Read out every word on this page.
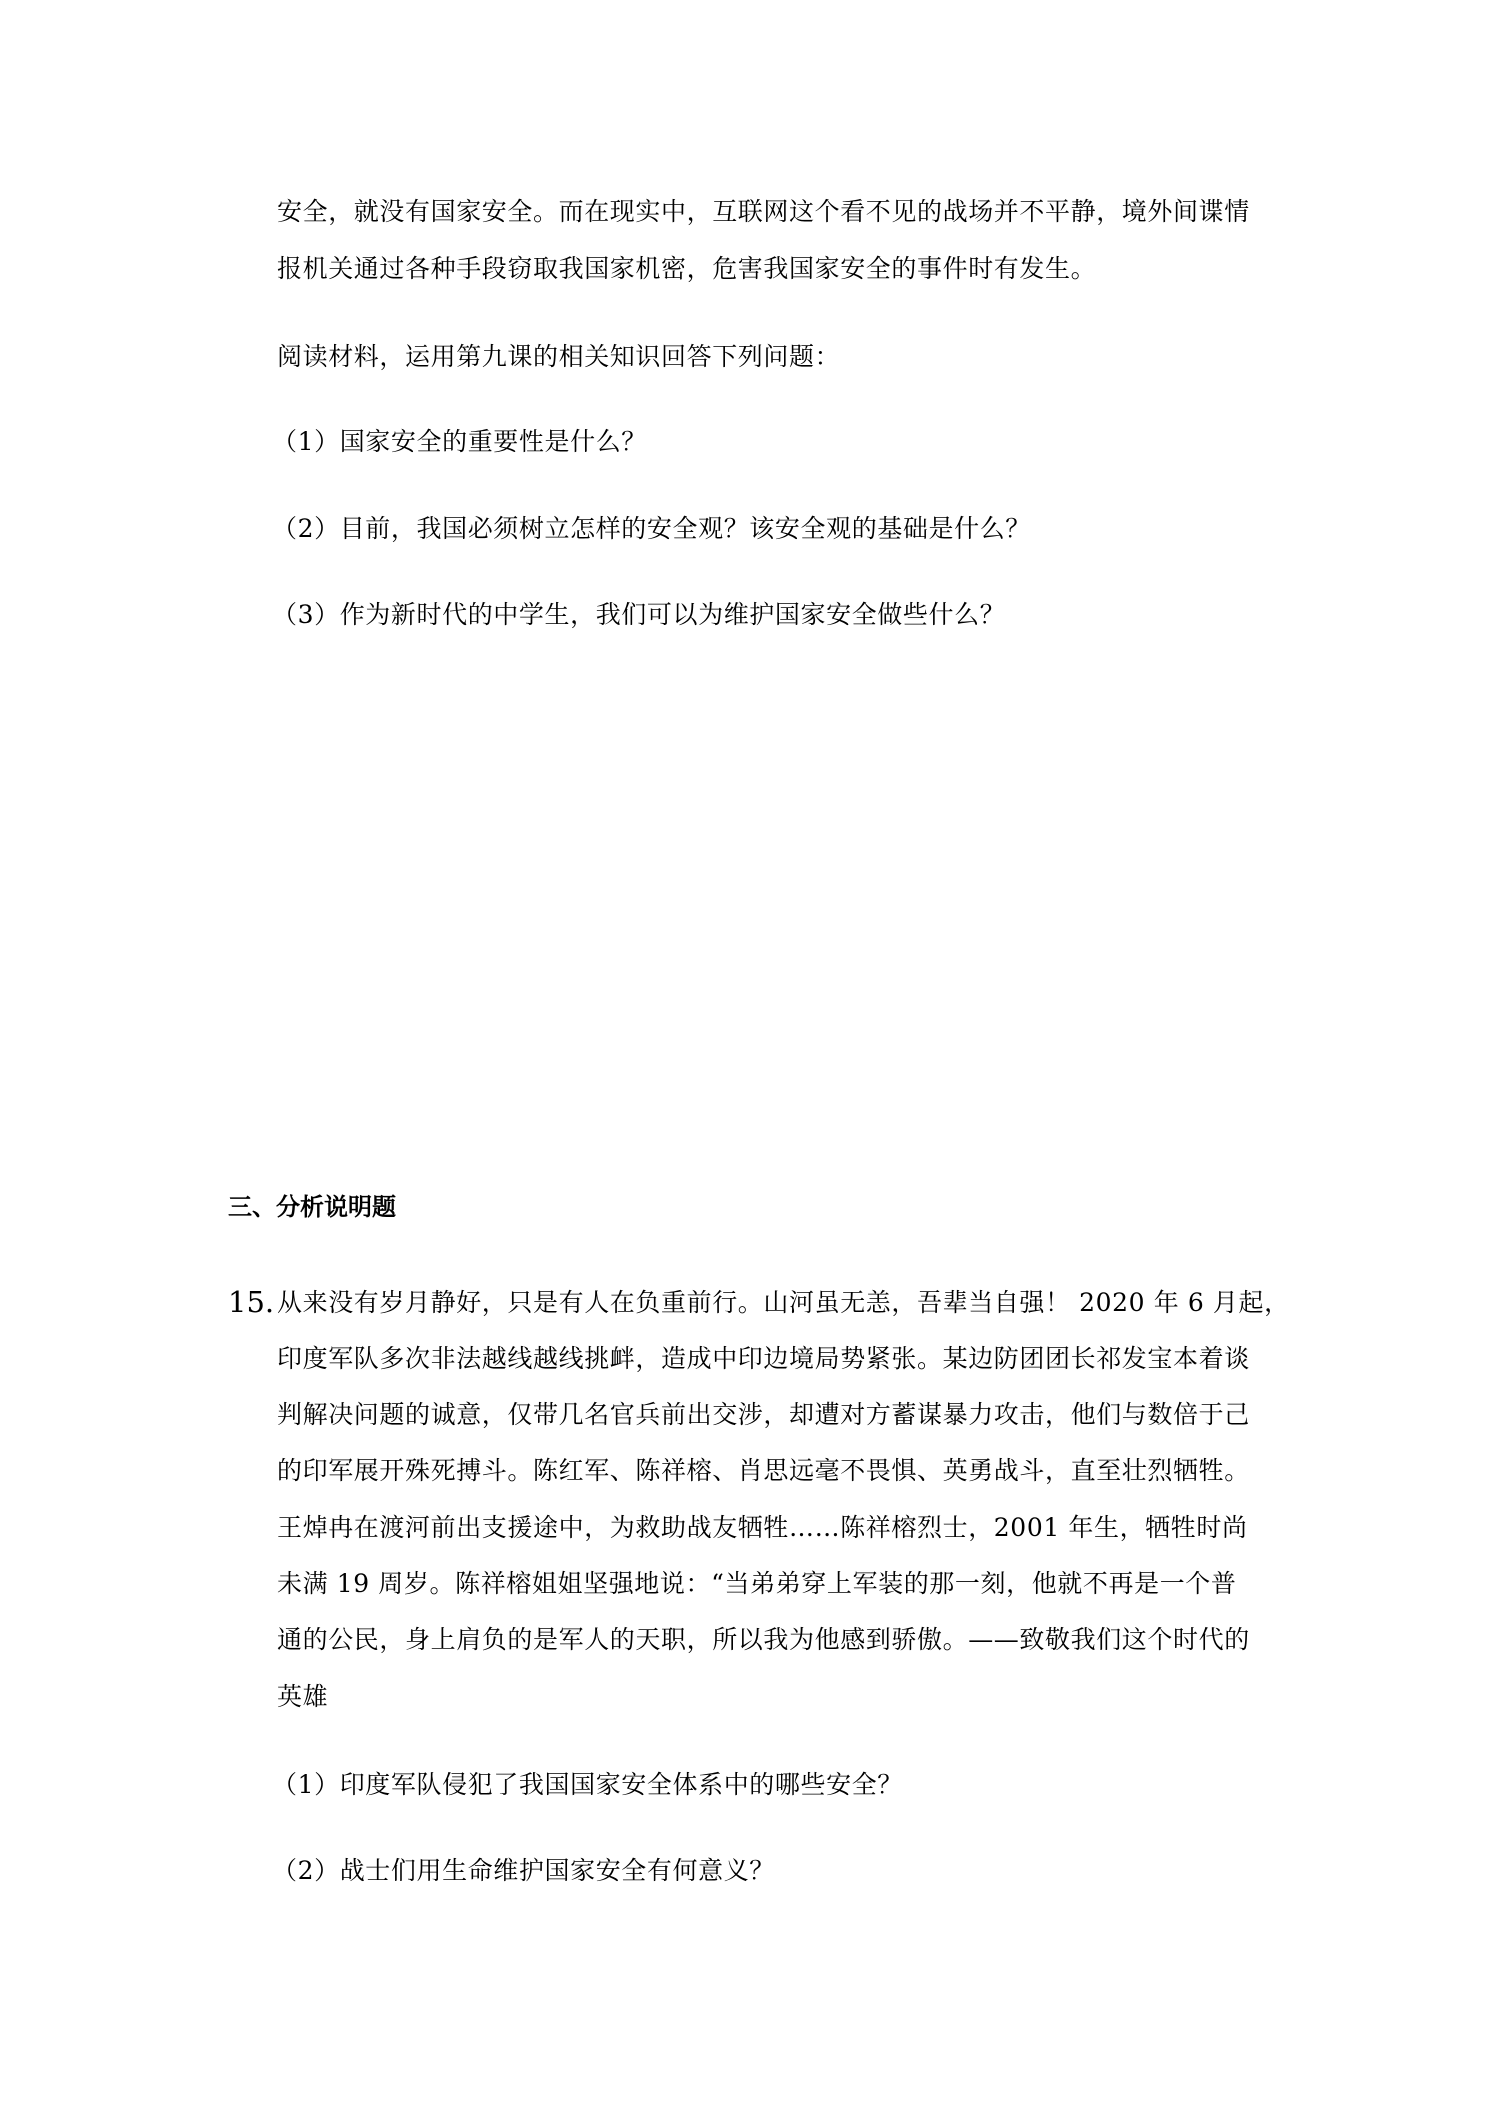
安全，就没有国家安全。而在现实中，互联网这个看不见的战场并不平静，境外间谍情
报机关通过各种手段窃取我国家机密，危害我国家安全的事件时有发生。
阅读材料，运用第九课的相关知识回答下列问题：
（1）国家安全的重要性是什么？
（2）目前，我国必须树立怎样的安全观？该安全观的基础是什么？
（3）作为新时代的中学生，我们可以为维护国家安全做些什么？
三、分析说明题
15. 从来没有岁月静好，只是有人在负重前行。山河虽无恙，吾辈当自强！ 2020 年 6 月起，
印度军队多次非法越线越线挑衅，造成中印边境局势紧张。某边防团团长祁发宝本着谈
判解决问题的诚意，仅带几名官兵前出交涉，却遭对方蓄谋暴力攻击，他们与数倍于己
的印军展开殊死搏斗。陈红军、陈祥榕、肖思远毫不畏惧、英勇战斗，直至壮烈牺牲。
王焯冉在渡河前出支援途中，为救助战友牺牲……陈祥榕烈士，2001 年生，牺牲时尚
未满 19 周岁。陈祥榕姐姐坚强地说：“当弟弟穿上军装的那一刻，他就不再是一个普
通的公民，身上肩负的是军人的天职，所以我为他感到骄傲。——致敬我们这个时代的
英雄
（1）印度军队侵犯了我国国家安全体系中的哪些安全？
（2）战士们用生命维护国家安全有何意义？
